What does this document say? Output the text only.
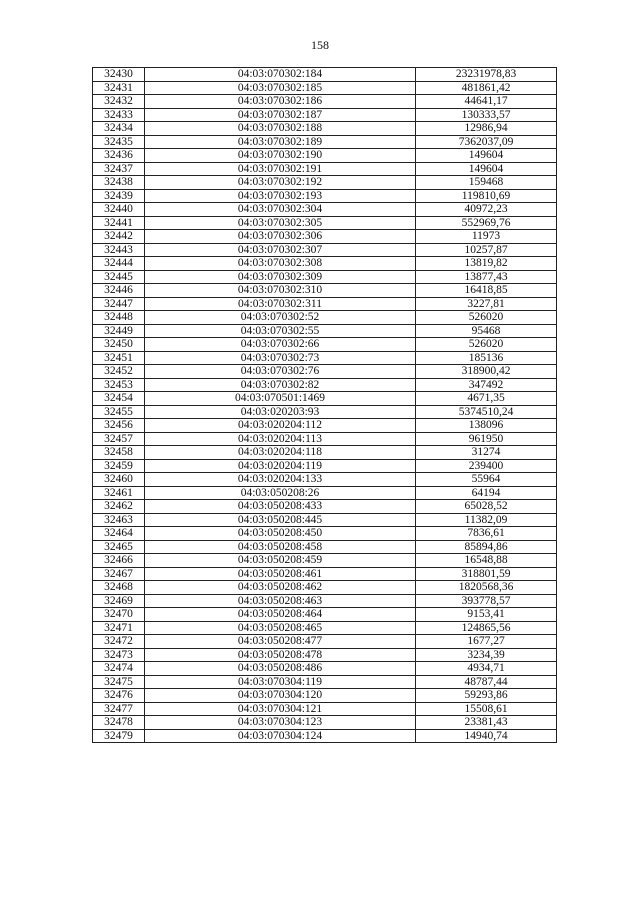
158
32430	04:03:070302:184	23231978,83
32431	04:03:070302:185	481861,42
32432	04:03:070302:186	44641,17
32433	04:03:070302:187	130333,57
32434	04:03:070302:188	12986,94
32435	04:03:070302:189	7362037,09
32436	04:03:070302:190	149604
32437	04:03:070302:191	149604
32438	04:03:070302:192	159468
32439	04:03:070302:193	119810,69
32440	04:03:070302:304	40972,23
32441	04:03:070302:305	552969,76
32442	04:03:070302:306	11973
32443	04:03:070302:307	10257,87
32444	04:03:070302:308	13819,82
32445	04:03:070302:309	13877,43
32446	04:03:070302:310	16418,85
32447	04:03:070302:311	3227,81
32448	04:03:070302:52	526020
32449	04:03:070302:55	95468
32450	04:03:070302:66	526020
32451	04:03:070302:73	185136
32452	04:03:070302:76	318900,42
32453	04:03:070302:82	347492
32454	04:03:070501:1469	4671,35
32455	04:03:020203:93	5374510,24
32456	04:03:020204:112	138096
32457	04:03:020204:113	961950
32458	04:03:020204:118	31274
32459	04:03:020204:119	239400
32460	04:03:020204:133	55964
32461	04:03:050208:26	64194
32462	04:03:050208:433	65028,52
32463	04:03:050208:445	11382,09
32464	04:03:050208:450	7836,61
32465	04:03:050208:458	85894,86
32466	04:03:050208:459	16548,88
32467	04:03:050208:461	318801,59
32468	04:03:050208:462	1820568,36
32469	04:03:050208:463	393778,57
32470	04:03:050208:464	9153,41
32471	04:03:050208:465	124865,56
32472	04:03:050208:477	1677,27
32473	04:03:050208:478	3234,39
32474	04:03:050208:486	4934,71
32475	04:03:070304:119	48787,44
32476	04:03:070304:120	59293,86
32477	04:03:070304:121	15508,61
32478	04:03:070304:123	23381,43
32479	04:03:070304:124	14940,74
